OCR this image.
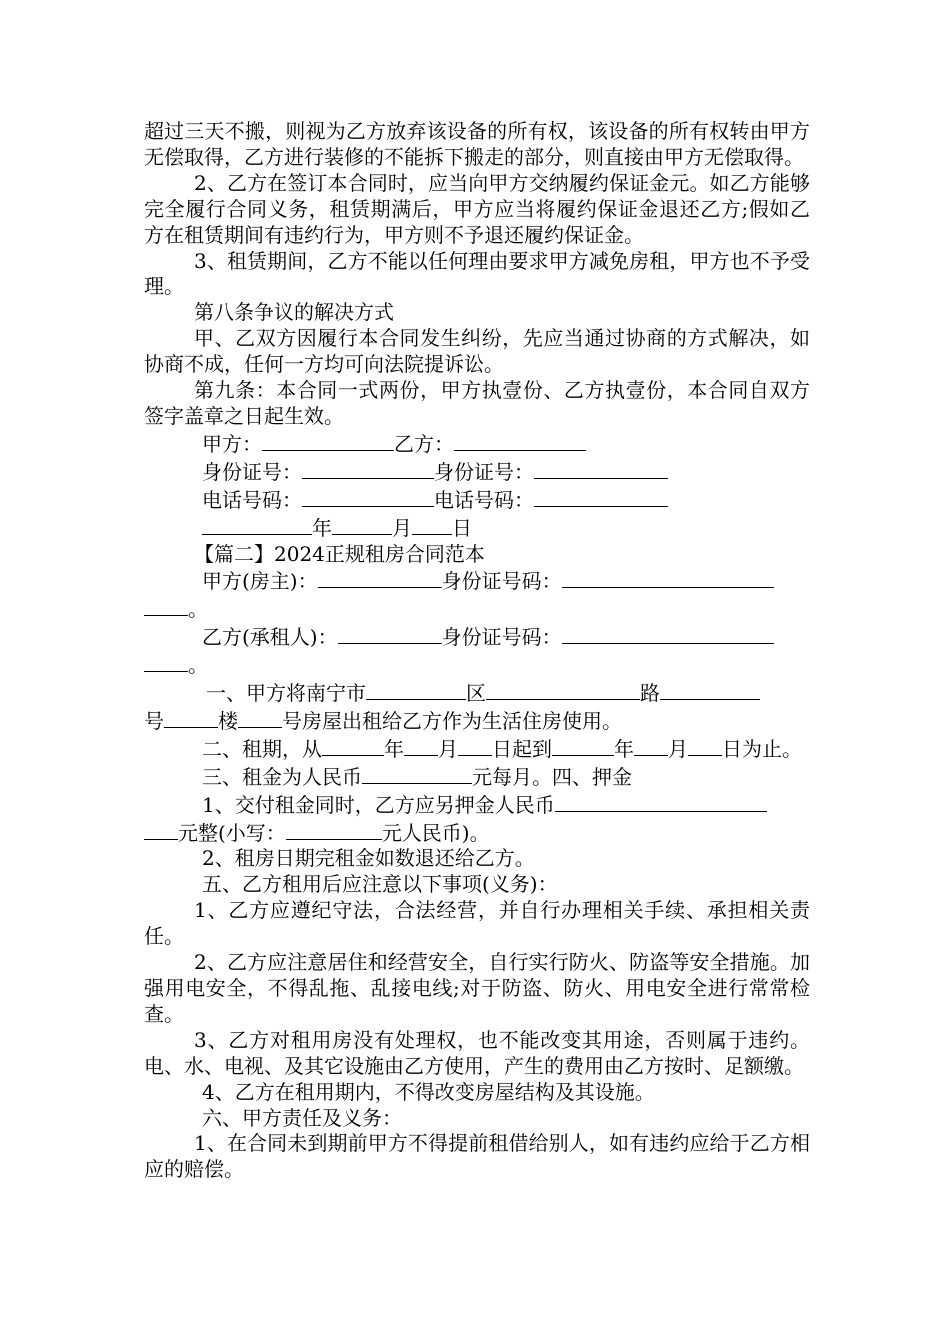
超过三天不搬，则视为乙方放弃该设备的所有权，该设备的所有权转由甲方无偿取得，乙方进行装修的不能拆下搬走的部分，则直接由甲方无偿取得。

2、乙方在签订本合同时，应当向甲方交纳履约保证金元。如乙方能够完全履行合同义务，租赁期满后，甲方应当将履约保证金退还乙方;假如乙方在租赁期间有违约行为，甲方则不予退还履约保证金。

3、租赁期间，乙方不能以任何理由要求甲方减免房租，甲方也不予受理。

第八条争议的解决方式

甲、乙双方因履行本合同发生纠纷，先应当通过协商的方式解决，如协商不成，任何一方均可向法院提诉讼。

第九条：本合同一式两份，甲方执壹份、乙方执壹份，本合同自双方签字盖章之日起生效。

甲方：	乙方：
身份证号：	身份证号：
电话号码：	电话号码：
年	月 日

【篇二】2024正规租房合同范本

甲方(房主)：	身份证号码：

。

乙方(承租人)：	身份证号码：

。

一、甲方将南宁市	区	路

号	楼 号房屋出租给乙方作为生活住房使用。

二、租期，从	年 月 日起到	年 月 日为止。

三、租金为人民币	元每月。四、押金

1、交付租金同时，乙方应另押金人民币

元整(小写：	元人民币)。

2、租房日期完租金如数退还给乙方。

五、乙方租用后应注意以下事项(义务)：

1、乙方应遵纪守法，合法经营，并自行办理相关手续、承担相关责任。

2、乙方应注意居住和经营安全，自行实行防火、防盗等安全措施。加强用电安全，不得乱拖、乱接电线;对于防盗、防火、用电安全进行常常检查。

3、乙方对租用房没有处理权，也不能改变其用途，否则属于违约。电、水、电视、及其它设施由乙方使用，产生的费用由乙方按时、足额缴。

4、乙方在租用期内，不得改变房屋结构及其设施。

六、甲方责任及义务：

1、在合同未到期前甲方不得提前租借给别人，如有违约应给于乙方相应的赔偿。
